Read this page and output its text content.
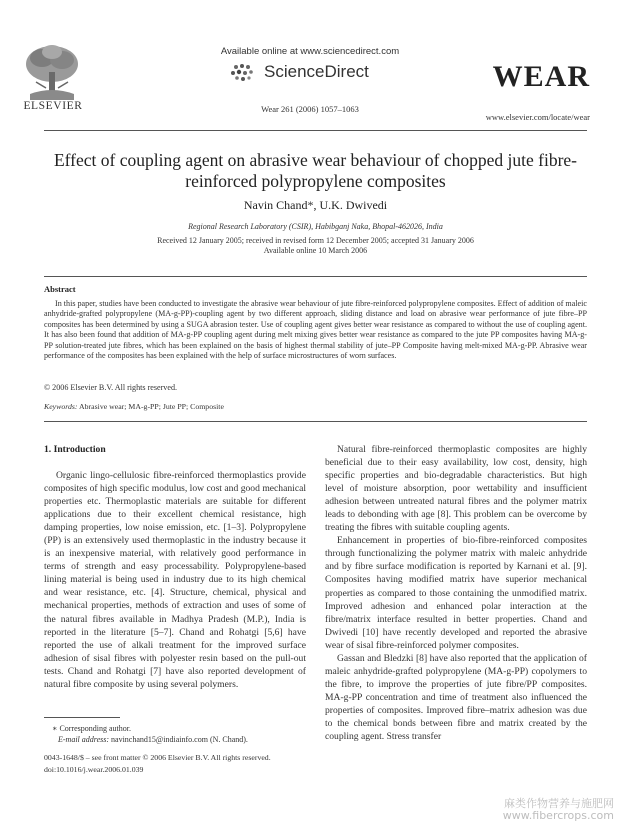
ELSEVIER
Available online at www.sciencedirect.com
ScienceDirect
Wear 261 (2006) 1057–1063
WEAR
www.elsevier.com/locate/wear
Effect of coupling agent on abrasive wear behaviour of chopped jute fibre-reinforced polypropylene composites
Navin Chand*, U.K. Dwivedi
Regional Research Laboratory (CSIR), Habibganj Naka, Bhopal-462026, India
Received 12 January 2005; received in revised form 12 December 2005; accepted 31 January 2006
Available online 10 March 2006
Abstract

In this paper, studies have been conducted to investigate the abrasive wear behaviour of jute fibre-reinforced polypropylene composites. Effect of addition of maleic anhydride-grafted polypropylene (MA-g-PP)-coupling agent by two different approach, sliding distance and load on abrasive wear performance of jute fibre–PP composites has been determined by using a SUGA abrasion tester. Use of coupling agent gives better wear resistance as compared to without the use of coupling agent. It has also been found that addition of MA-g-PP coupling agent during melt mixing gives better wear resistance as compared to the jute PP composites having MA-g-PP solution-treated jute fibres, which has been explained on the basis of highest thermal stability of jute–PP Composite having melt-mixed MA-g-PP. Abrasive wear performance of the composites has been explained with the help of surface microstructures of worn surfaces.

© 2006 Elsevier B.V. All rights reserved.
Keywords: Abrasive wear; MA-g-PP; Jute PP; Composite
1. Introduction

Organic lingo-cellulosic fibre-reinforced thermoplastics provide composites of high specific modulus, low cost and good mechanical properties etc. Thermoplastic materials are suitable for different applications due to their excellent chemical resistance, high damping properties, low noise emission, etc. [1–3]. Polypropylene (PP) is an extensively used thermoplastic in the industry because it is an inexpensive material, with relatively good performance in terms of strength and easy processability. Polypropylene-based lining material is being used in industry due to its high chemical and wear resistance, etc. [4]. Structure, chemical, physical and mechanical properties, methods of extraction and uses of some of the natural fibres available in Madhya Pradesh (M.P.), India is reported in the literature [5–7]. Chand and Rohatgi [5,6] have reported the use of alkali treatment for the improved surface adhesion of sisal fibres with polyester resin based on the pull-out tests. Chand and Rohatgi [7] have also reported development of natural fibre composite by using several polymers.

Natural fibre-reinforced thermoplastic composites are highly beneficial due to their easy availability, low cost, density, high specific properties and bio-degradable characteristics. But high level of moisture absorption, poor wettability and insufficient adhesion between untreated natural fibres and the polymer matrix leads to debonding with age [8]. This problem can be overcome by treating the fibres with suitable coupling agents.

Enhancement in properties of bio-fibre-reinforced composites through functionalizing the polymer matrix with maleic anhydride and by fibre surface modification is reported by Karnani et al. [9]. Composites having modified matrix have superior mechanical properties as compared to those containing the unmodified matrix. Improved adhesion and enhanced polar interaction at the fibre/matrix interface resulted in better properties. Chand and Dwivedi [10] have recently developed and reported the abrasive wear of sisal fibre-reinforced polymer composites.

Gassan and Bledzki [8] have also reported that the application of maleic anhydride-grafted polypropylene (MA-g-PP) copolymers to the fibre, to improve the properties of jute fibre/PP composites. MA-g-PP concentration and time of treatment also influenced the properties of composites. Improved fibre–matrix adhesion was due to the chemical bonds between fibre and matrix created by the coupling agent. Stress transfer

∗ Corresponding author.
E-mail address: navinchand15@indiainfo.com (N. Chand).
0043-1648/$ – see front matter © 2006 Elsevier B.V. All rights reserved.
doi:10.1016/j.wear.2006.01.039
麻类作物营养与施肥网
www.fibercrops.com
